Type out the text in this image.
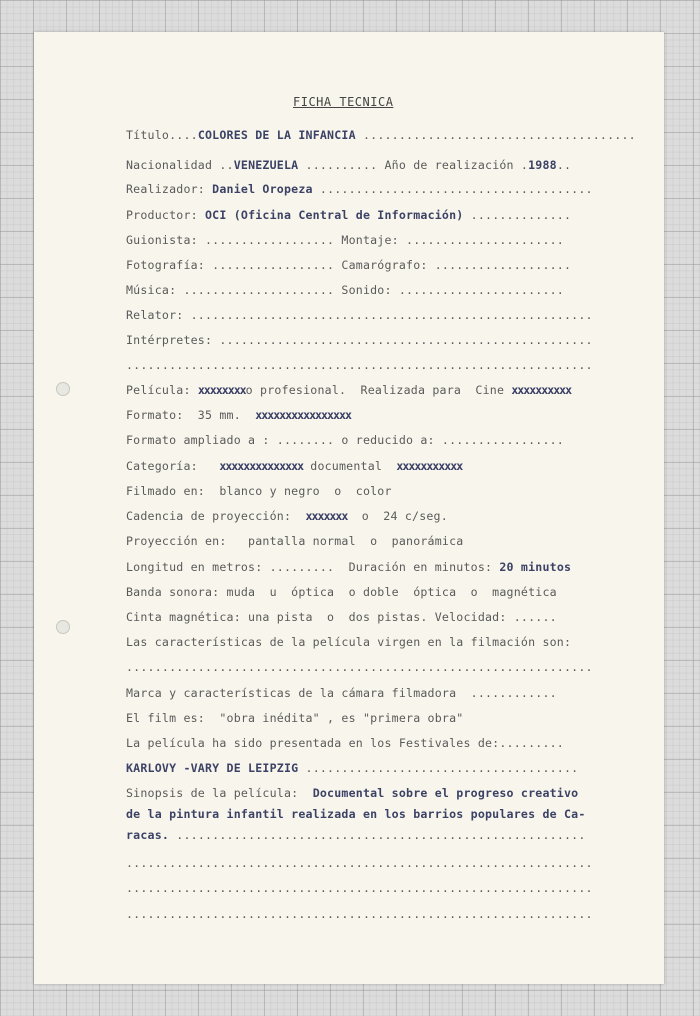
FICHA TECNICA
Título....COLORES DE LA INFANCIA ......................................
Nacionalidad ..VENEZUELA .......... Año de realización .1988..
Realizador: Daniel Oropeza ......................................
Productor: OCI (Oficina Central de Información) ..............
Guionista: .................. Montaje: ......................
Fotografía: ................. Camarógrafo: ...................
Música: ..................... Sonido: .......................
Relator: ........................................................
Intérpretes: ....................................................
.................................................................
Película: xxxxxxxxo profesional.  Realizada para  Cine xxxxxxxxxx
Formato:  35 mm.  xxxxxxxxxxxxxxxx
Formato ampliado a : ........ o reducido a: .................
Categoría:   xxxxxxxxxxxxxx documental  xxxxxxxxxxx
Filmado en:  blanco y negro  o  color
Cadencia de proyección:  xxxxxxx  o  24 c/seg.
Proyección en:   pantalla normal  o  panorámica
Longitud en metros: .........  Duración en minutos: 20 minutos
Banda sonora: muda  u  óptica  o doble  óptica  o  magnética
Cinta magnética: una pista  o  dos pistas. Velocidad: ......
Las características de la película virgen en la filmación son:
.................................................................
Marca y características de la cámara filmadora  ............
El film es:  "obra inédita" , es "primera obra"
La película ha sido presentada en los Festivales de:.........
KARLOVY -VARY DE LEIPZIG ......................................
Sinopsis de la película:  Documental sobre el progreso creativo
de la pintura infantil realizada en los barrios populares de Ca-
racas. .........................................................
.................................................................
.................................................................
.................................................................
